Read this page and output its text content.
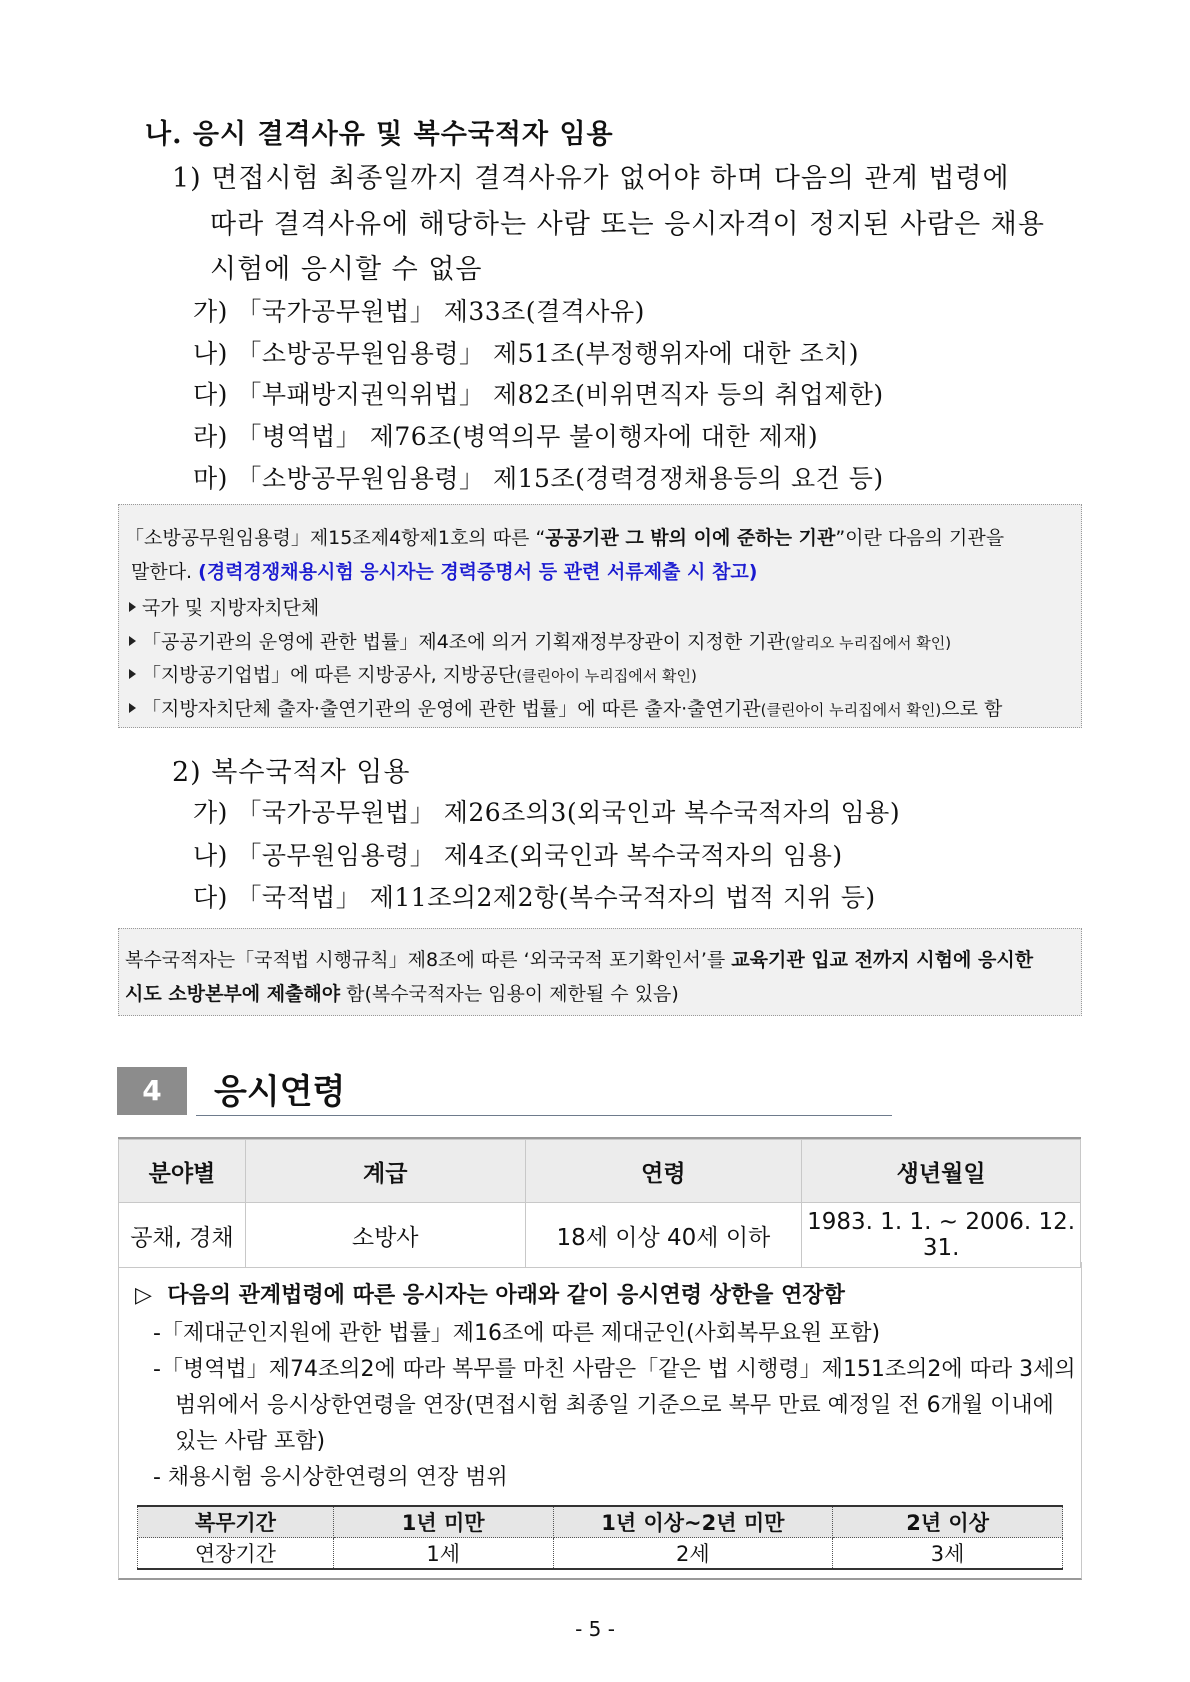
나. 응시 결격사유 및 복수국적자 임용
1) 면접시험 최종일까지 결격사유가 없어야 하며 다음의 관계 법령에
따라 결격사유에 해당하는 사람 또는 응시자격이 정지된 사람은 채용
시험에 응시할 수 없음
가) 「국가공무원법」 제33조(결격사유)
나) 「소방공무원임용령」 제51조(부정행위자에 대한 조치)
다) 「부패방지권익위법」 제82조(비위면직자 등의 취업제한)
라) 「병역법」 제76조(병역의무 불이행자에 대한 제재)
마) 「소방공무원임용령」 제15조(경력경쟁채용등의 요건 등)
「소방공무원임용령」제15조제4항제1호의 따른 “공공기관 그 밖의 이에 준하는 기관”이란 다음의 기관을
말한다. (경력경쟁채용시험 응시자는 경력증명서 등 관련 서류제출 시 참고)
국가 및 지방자치단체
「공공기관의 운영에 관한 법률」제4조에 의거 기획재정부장관이 지정한 기관(알리오 누리집에서 확인)
「지방공기업법」에 따른 지방공사, 지방공단(클린아이 누리집에서 확인)
「지방자치단체 출자·출연기관의 운영에 관한 법률」에 따른 출자·출연기관(클린아이 누리집에서 확인)으로 함
2) 복수국적자 임용
가) 「국가공무원법」 제26조의3(외국인과 복수국적자의 임용)
나) 「공무원임용령」 제4조(외국인과 복수국적자의 임용)
다) 「국적법」 제11조의2제2항(복수국적자의 법적 지위 등)
복수국적자는「국적법 시행규칙」제8조에 따른 ‘외국국적 포기확인서’를 교육기관 입교 전까지 시험에 응시한
시도 소방본부에 제출해야 함(복수국적자는 임용이 제한될 수 있음)
4	응시연령
분야별	계급	연령	생년월일
공채, 경채	소방사	18세 이상 40세 이하	1983. 1. 1. ~ 2006. 12. 31.
▷ 다음의 관계법령에 따른 응시자는 아래와 같이 응시연령 상한을 연장함
-「제대군인지원에 관한 법률」제16조에 따른 제대군인(사회복무요원 포함)
-「병역법」제74조의2에 따라 복무를 마친 사람은「같은 법 시행령」제151조의2에 따라 3세의
범위에서 응시상한연령을 연장(면접시험 최종일 기준으로 복무 만료 예정일 전 6개월 이내에
있는 사람 포함)
- 채용시험 응시상한연령의 연장 범위
복무기간	1년 미만	1년 이상~2년 미만	2년 이상
연장기간	1세	2세	3세
- 5 -
